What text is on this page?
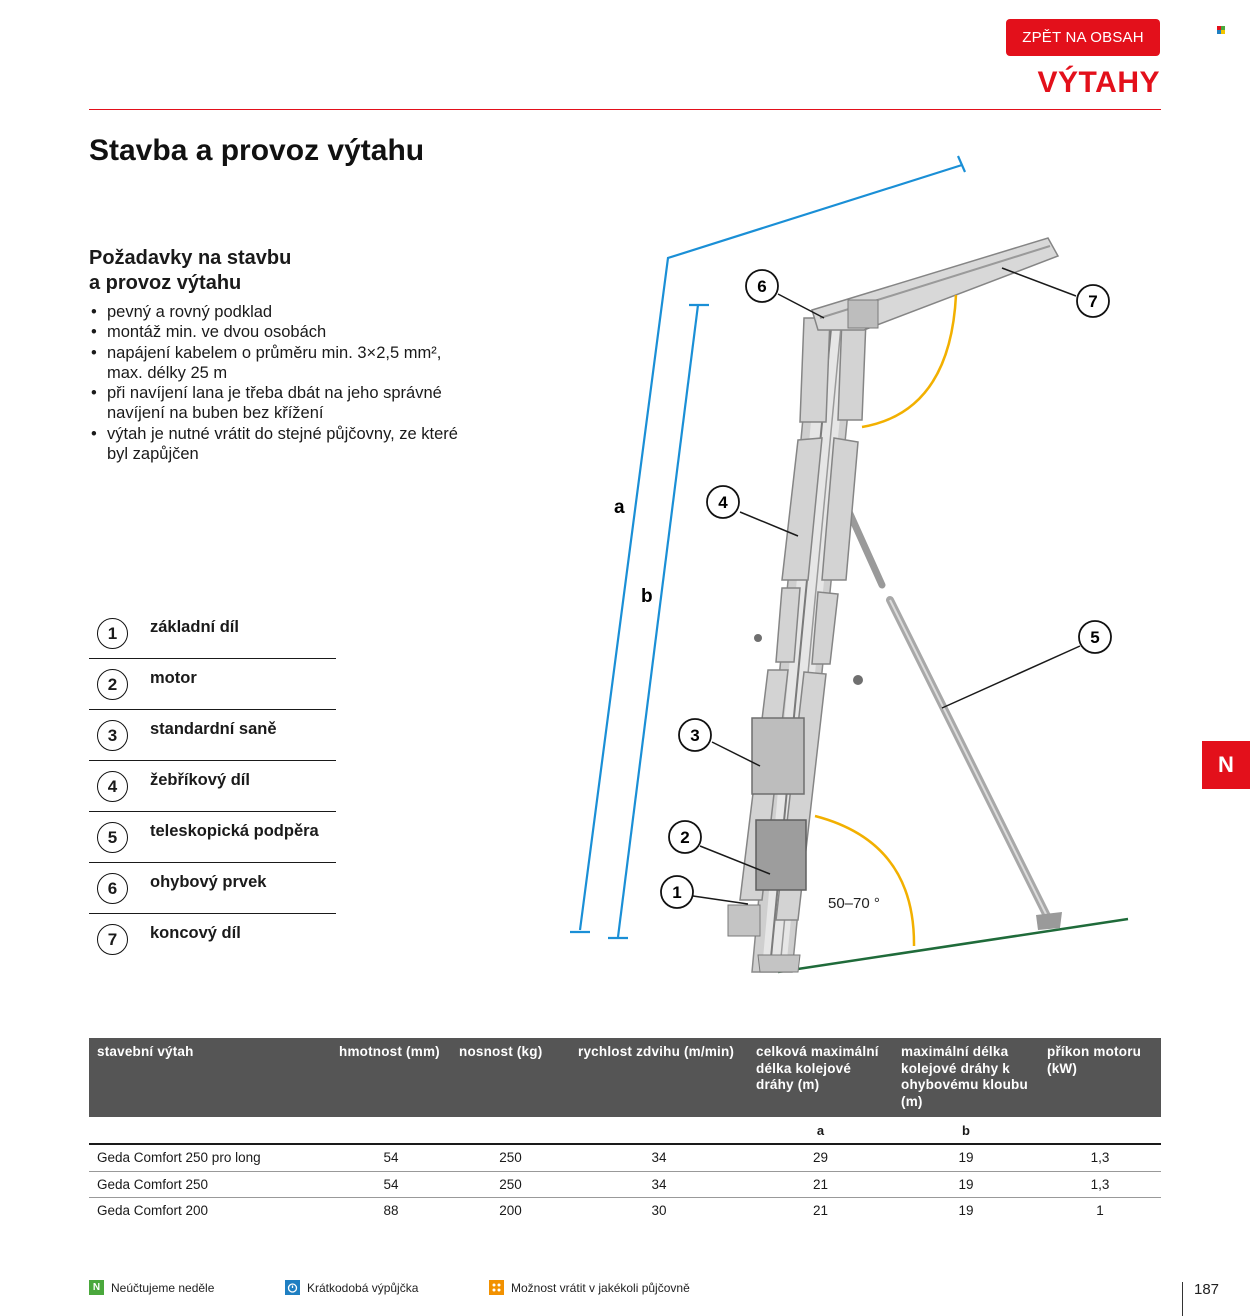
ZPĚT NA OBSAH
VÝTAHY
Stavba a provoz výtahu
Požadavky na stavbu
a provoz výtahu
• pevný a rovný podklad
• montáž min. ve dvou osobách
• napájení kabelem o průměru min. 3×2,5 mm², max. délky 25 m
• při navíjení lana je třeba dbát na jeho správné navíjení na buben bez křížení
• výtah je nutné vrátit do stejné půjčovny, ze které byl zapůjčen
1	základní díl
2	motor
3	standardní saně
4	žebříkový díl
5	teleskopická podpěra
6	ohybový prvek
7	koncový díl
a
b
50–70 °
1
2
3
4
5
6
7
N
stavební výtah	hmotnost (mm)	nosnost (kg)	rychlost zdvihu (m/min)	celková maximální délka kolejové dráhy (m)	maximální délka kolejové dráhy k ohybovému kloubu (m)	příkon motoru (kW)
				a	b	
Geda Comfort 250 pro long	54	250	34	29	19	1,3
Geda Comfort 250	54	250	34	21	19	1,3
Geda Comfort 200	88	200	30	21	19	1
N Neúčtujeme neděle	Krátkodobá výpůjčka	Možnost vrátit v jakékoli půjčovně	187
